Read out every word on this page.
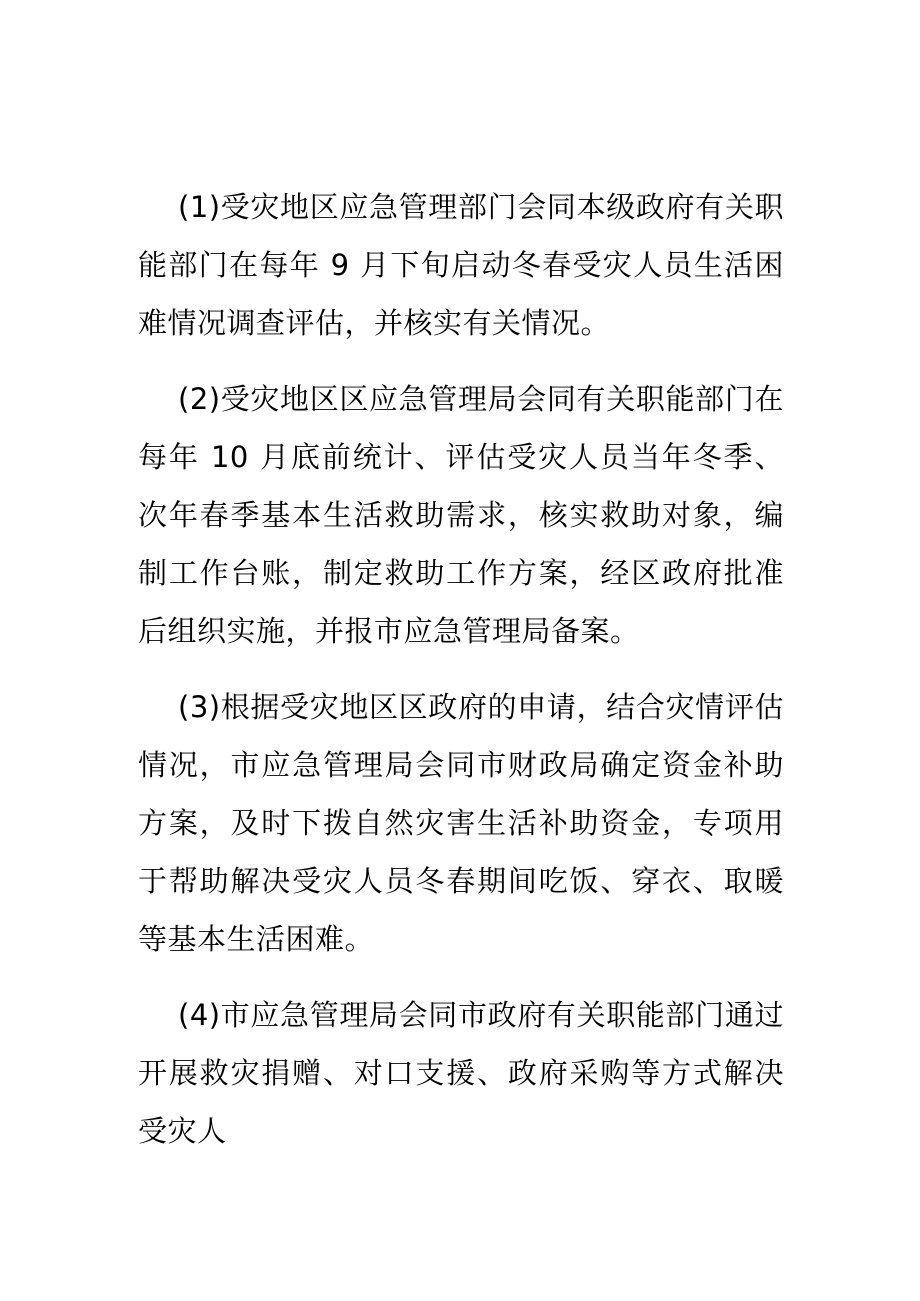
(1)受灾地区应急管理部门会同本级政府有关职能部门在每年 9 月下旬启动冬春受灾人员生活困难情况调查评估，并核实有关情况。

(2)受灾地区区应急管理局会同有关职能部门在每年 10 月底前统计、评估受灾人员当年冬季、次年春季基本生活救助需求，核实救助对象，编制工作台账，制定救助工作方案，经区政府批准后组织实施，并报市应急管理局备案。

(3)根据受灾地区区政府的申请，结合灾情评估情况，市应急管理局会同市财政局确定资金补助方案，及时下拨自然灾害生活补助资金，专项用于帮助解决受灾人员冬春期间吃饭、穿衣、取暖等基本生活困难。

(4)市应急管理局会同市政府有关职能部门通过开展救灾捐赠、对口支援、政府采购等方式解决受灾人
